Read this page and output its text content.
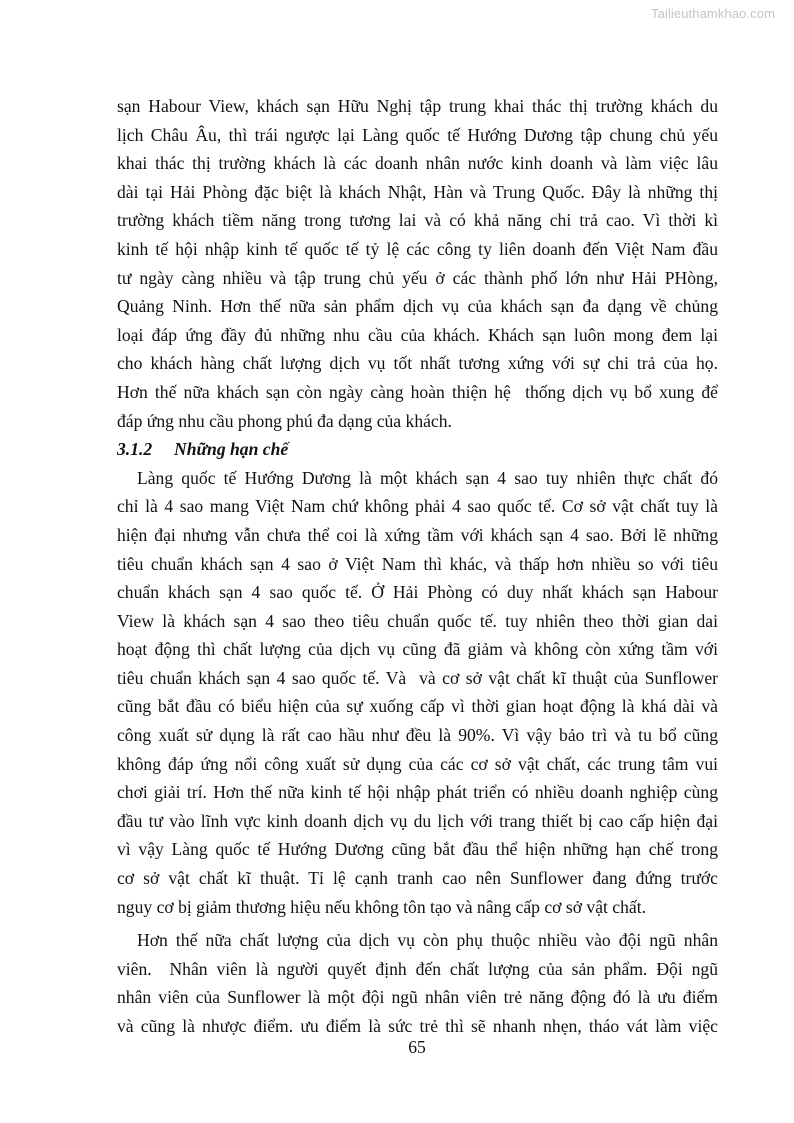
Tailieuthamkhao.com
sạn Habour View, khách sạn Hữu Nghị tập trung khai thác thị trường khách du
lịch Châu Âu, thì trái ngược lại Làng quốc tế Hướng Dương tập chung chủ yếu
khai thác thị trường khách là các doanh nhân nước kinh doanh và làm việc lâu
dài tại Hải Phòng đặc biệt là khách Nhật, Hàn và Trung Quốc. Đây là những thị
trường khách tiềm năng trong tương lai và có khả năng chi trả cao. Vì thời kì
kinh tế hội nhập kinh tế quốc tế tỷ lệ các công ty liên doanh đến Việt Nam đầu
tư ngày càng nhiều và tập trung chủ yếu ở các thành phố lớn như Hải PHòng,
Quảng Ninh. Hơn thế nữa sản phẩm dịch vụ của khách sạn đa dạng về chủng
loại đáp ứng đầy đủ những nhu cầu của khách. Khách sạn luôn mong đem lại
cho khách hàng chất lượng dịch vụ tốt nhất tương xứng với sự chi trả của họ.
Hơn thế nữa khách sạn còn ngày càng hoàn thiện hệ  thống dịch vụ bổ xung để
đáp ứng nhu cầu phong phú đa dạng của khách.
3.1.2 Những hạn chế
Làng quốc tế Hướng Dương là một khách sạn 4 sao tuy nhiên thực chất đó
chỉ là 4 sao mang Việt Nam chứ không phải 4 sao quốc tế. Cơ sở vật chất tuy là
hiện đại nhưng vẫn chưa thể coi là xứng tầm với khách sạn 4 sao. Bởi lẽ những
tiêu chuẩn khách sạn 4 sao ở Việt Nam thì khác, và thấp hơn nhiều so với tiêu
chuẩn khách sạn 4 sao quốc tế. Ở Hải Phòng có duy nhất khách sạn Habour
View là khách sạn 4 sao theo tiêu chuẩn quốc tế. tuy nhiên theo thời gian dai
hoạt động thì chất lượng của dịch vụ cũng đã giảm và không còn xứng tầm với
tiêu chuẩn khách sạn 4 sao quốc tế. Và  và cơ sở vật chất kĩ thuật của Sunflower
cũng bắt đầu có biểu hiện của sự xuống cấp vì thời gian hoạt động là khá dài và
công xuất sử dụng là rất cao hầu như đều là 90%. Vì vậy bảo trì và tu bổ cũng
không đáp ứng nổi công xuất sử dụng của các cơ sở vật chất, các trung tâm vui
chơi giải trí. Hơn thế nữa kinh tế hội nhập phát triển có nhiều doanh nghiệp cùng
đầu tư vào lĩnh vực kinh doanh dịch vụ du lịch với trang thiết bị cao cấp hiện đại
vì vậy Làng quốc tế Hướng Dương cũng bắt đầu thể hiện những hạn chế trong
cơ sở vật chất kĩ thuật. Tỉ lệ cạnh tranh cao nên Sunflower đang đứng trước
nguy cơ bị giảm thương hiệu nếu không tôn tạo và nâng cấp cơ sở vật chất.
Hơn thế nữa chất lượng của dịch vụ còn phụ thuộc nhiều vào đội ngũ nhân
viên.  Nhân viên là người quyết định đến chất lượng của sản phẩm. Đội ngũ
nhân viên của Sunflower là một đội ngũ nhân viên trẻ năng động đó là ưu điểm
và cũng là nhược điểm. ưu điểm là sức trẻ thì sẽ nhanh nhẹn, tháo vát làm việc
65
